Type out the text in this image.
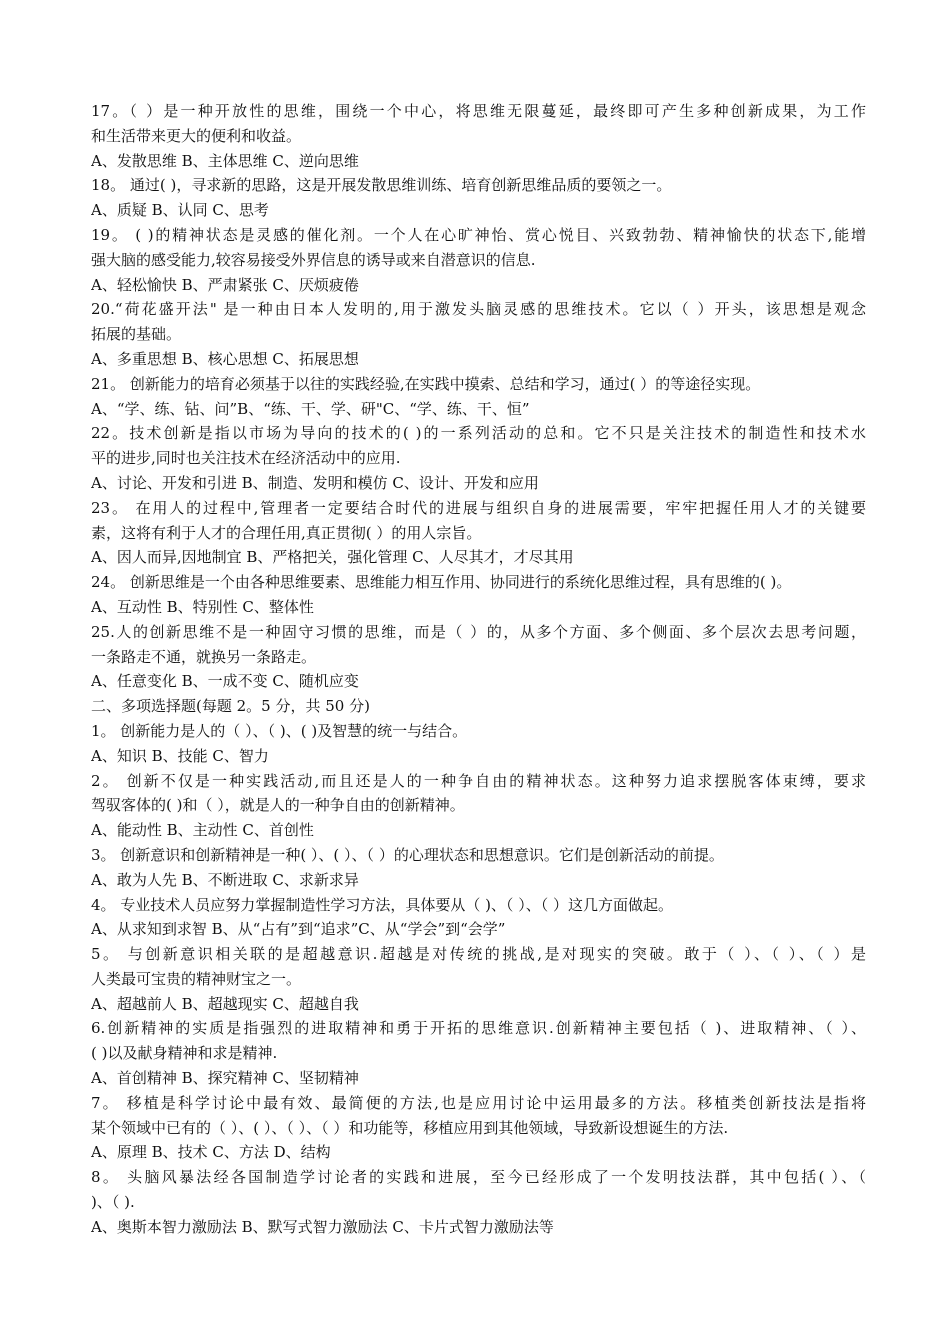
17。（ ）是一种开放性的思维，围绕一个中心，将思维无限蔓延，最终即可产生多种创新成果，为工作
和生活带来更大的便利和收益。
A、发散思维 B、主体思维 C、逆向思维
18。 通过( )，寻求新的思路，这是开展发散思维训练、培育创新思维品质的要领之一。
A、质疑 B、认同 C、思考
19。 ( )的精神状态是灵感的催化剂。一个人在心旷神怡、赏心悦目、兴致勃勃、精神愉快的状态下,能增
强大脑的感受能力,较容易接受外界信息的诱导或来自潜意识的信息.
A、轻松愉快 B、严肃紧张 C、厌烦疲倦
20.“荷花盛开法" 是一种由日本人发明的,用于激发头脑灵感的思维技术。它以（ ）开头，该思想是观念
拓展的基础。
A、多重思想 B、核心思想 C、拓展思想
21。 创新能力的培育必须基于以往的实践经验,在实践中摸索、总结和学习，通过( ）的等途径实现。
A、“学、练、钻、问”B、“练、干、学、研"C、“学、练、干、恒”
22。技术创新是指以市场为导向的技术的( )的一系列活动的总和。它不只是关注技术的制造性和技术水
平的进步,同时也关注技术在经济活动中的应用.
A、讨论、开发和引进 B、制造、发明和模仿 C、设计、开发和应用
23。 在用人的过程中,管理者一定要结合时代的进展与组织自身的进展需要，牢牢把握任用人才的关键要
素，这将有利于人才的合理任用,真正贯彻( ）的用人宗旨。
A、因人而异,因地制宜 B、严格把关，强化管理 C、人尽其才，才尽其用
24。 创新思维是一个由各种思维要素、思维能力相互作用、协同进行的系统化思维过程，具有思维的( )。
A、互动性 B、特别性 C、整体性
25.人的创新思维不是一种固守习惯的思维，而是（ ）的，从多个方面、多个侧面、多个层次去思考问题，
一条路走不通，就换另一条路走。
A、任意变化 B、一成不变 C、随机应变
二、多项选择题(每题 2。5 分，共 50 分)
1。 创新能力是人的（ ）、（ )、( )及智慧的统一与结合。
A、知识 B、技能 C、智力
2。 创新不仅是一种实践活动,而且还是人的一种争自由的精神状态。这种努力追求摆脱客体束缚，要求
驾驭客体的( )和（ ），就是人的一种争自由的创新精神。
A、能动性 B、主动性 C、首创性
3。 创新意识和创新精神是一种( ）、( ）、（ ）的心理状态和思想意识。它们是创新活动的前提。
A、敢为人先 B、不断进取 C、求新求异
4。 专业技术人员应努力掌握制造性学习方法，具体要从（ )、（ ）、（ ）这几方面做起。
A、从求知到求智 B、从“占有”到“追求”C、从“学会”到“会学”
5。 与创新意识相关联的是超越意识.超越是对传统的挑战,是对现实的突破。敢于（ ）、（ ）、（ ）是
人类最可宝贵的精神财宝之一。
A、超越前人 B、超越现实 C、超越自我
6.创新精神的实质是指强烈的进取精神和勇于开拓的思维意识.创新精神主要包括（ )、进取精神、（ ）、
( )以及献身精神和求是精神.
A、首创精神 B、探究精神 C、坚韧精神
7。 移植是科学讨论中最有效、最简便的方法,也是应用讨论中运用最多的方法。移植类创新技法是指将
某个领域中已有的（ ）、( ）、（ ）、（ ）和功能等，移植应用到其他领域，导致新设想诞生的方法.
A、原理 B、技术 C、方法 D、结构
8。 头脑风暴法经各国制造学讨论者的实践和进展，至今已经形成了一个发明技法群，其中包括( ）、（
)、（ ).
A、奥斯本智力激励法 B、默写式智力激励法 C、卡片式智力激励法等
